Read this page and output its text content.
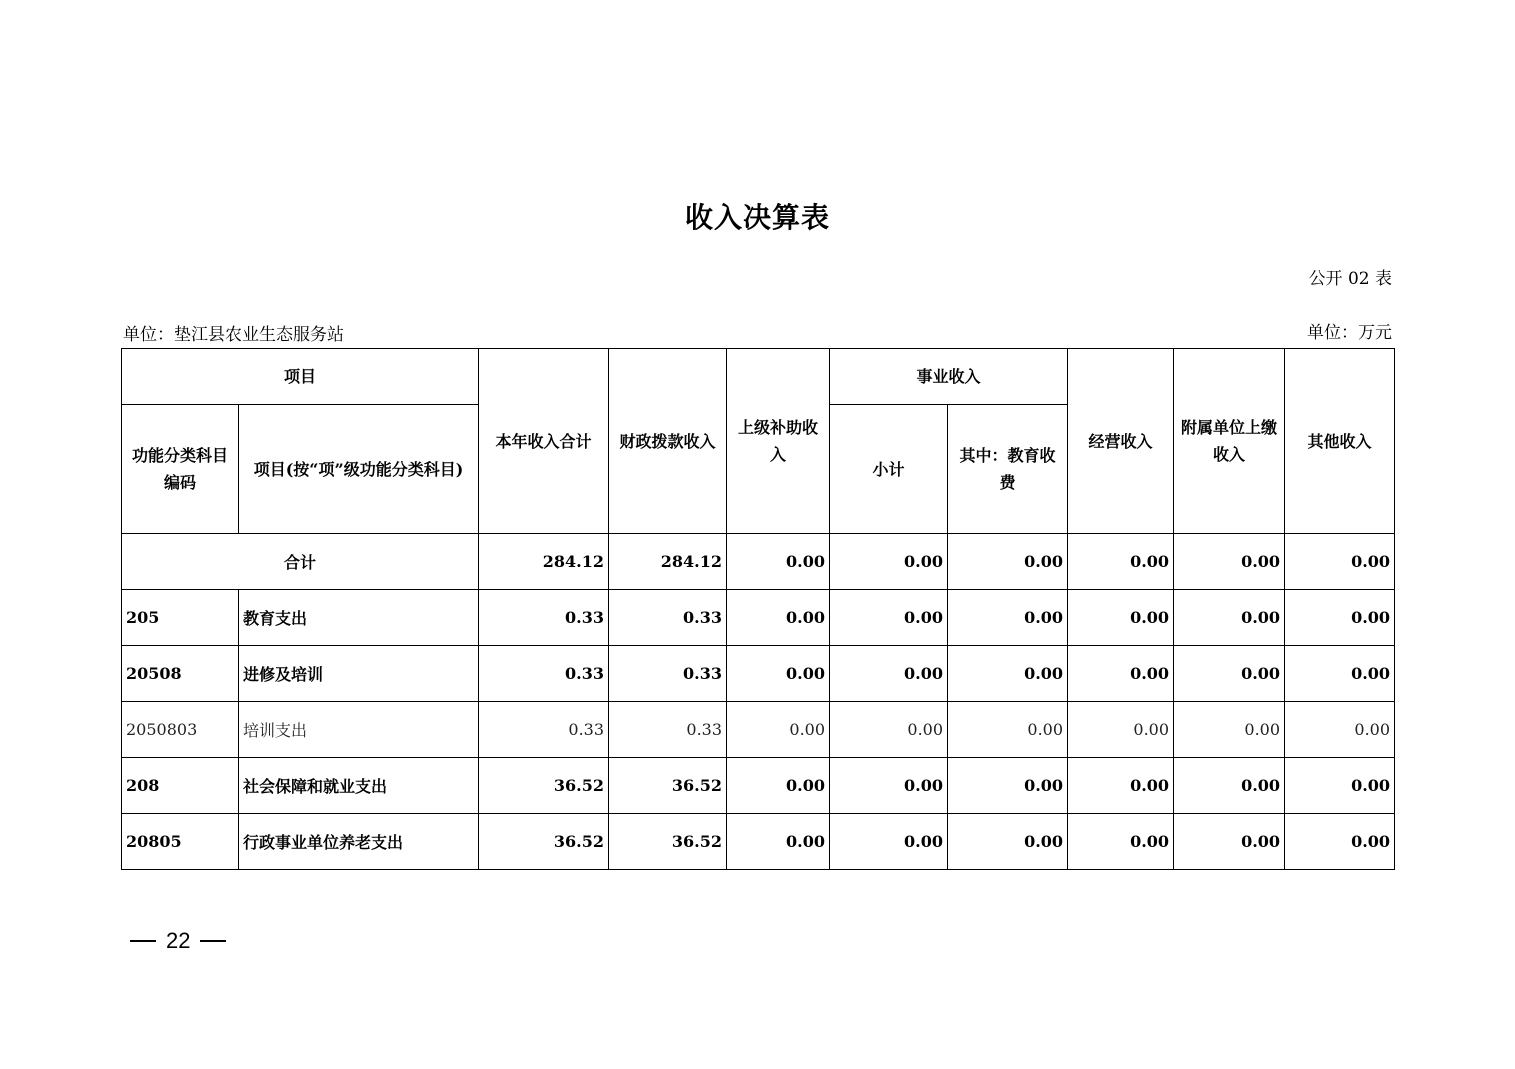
收入决算表
公开 02 表
单位：垫江县农业生态服务站	单位：万元
项目		本年收入合计	财政拨款收入	上级补助收入	事业收入		经营收入	附属单位上缴收入	其他收入

功能分类科目编码	项目(按“项”级功能分类科目)				小计	其中：教育收费			

合计		284.12	284.12	0.00	0.00	0.00	0.00	0.00	0.00
205	教育支出	0.33	0.33	0.00	0.00	0.00	0.00	0.00	0.00
20508	进修及培训	0.33	0.33	0.00	0.00	0.00	0.00	0.00	0.00
2050803	培训支出	0.33	0.33	0.00	0.00	0.00	0.00	0.00	0.00
208	社会保障和就业支出	36.52	36.52	0.00	0.00	0.00	0.00	0.00	0.00
20805	行政事业单位养老支出	36.52	36.52	0.00	0.00	0.00	0.00	0.00	0.00
22
